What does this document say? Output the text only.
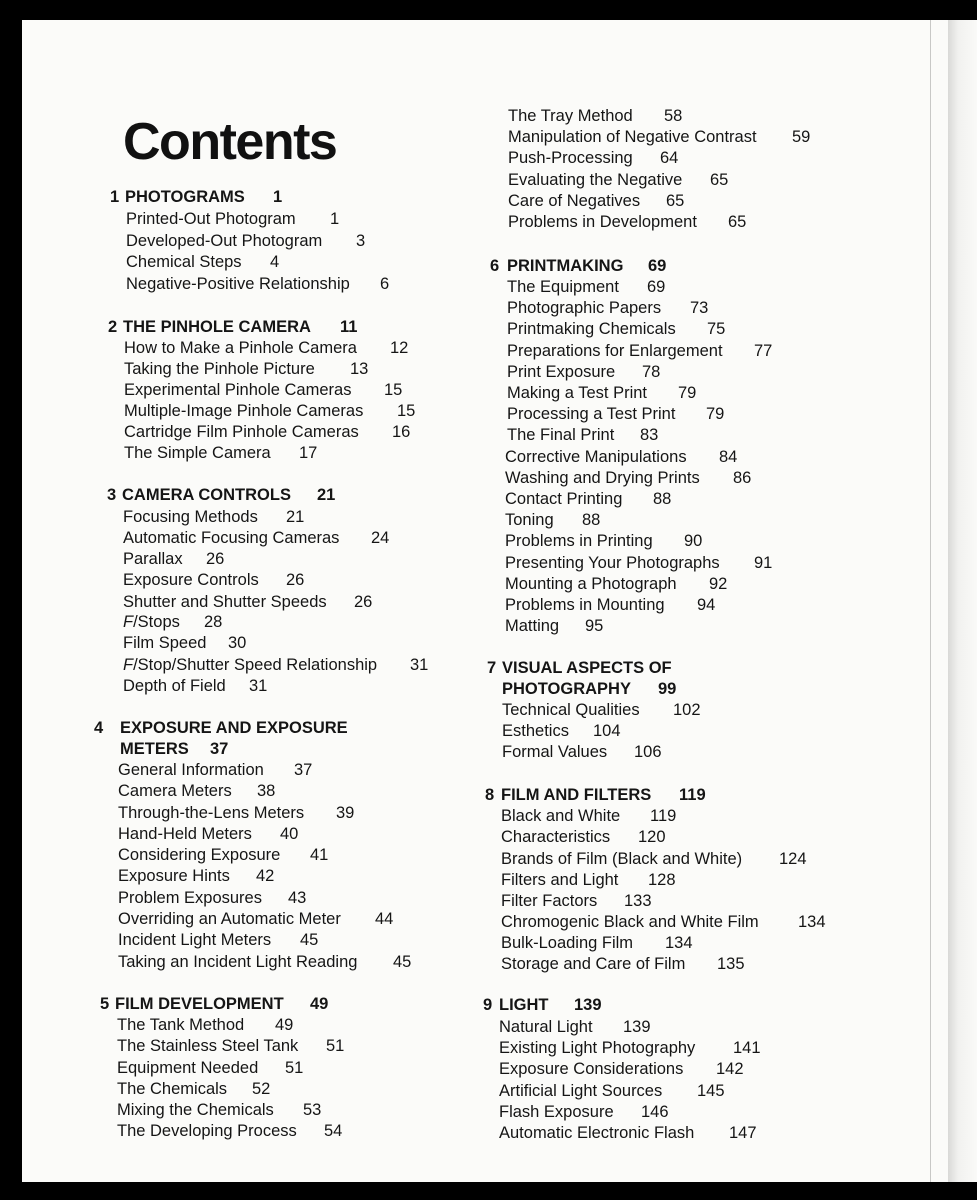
Contents	The Tray Method 58
Manipulation of Negative Contrast 59
Push-Processing 64
Evaluating the Negative 65
Care of Negatives 65
Problems in Development 65
1 PHOTOGRAMS 1
Printed-Out Photogram 1
Developed-Out Photogram 3
Chemical Steps 4
Negative-Positive Relationship 6
2 THE PINHOLE CAMERA 11
How to Make a Pinhole Camera 12
Taking the Pinhole Picture 13
Experimental Pinhole Cameras 15
Multiple-Image Pinhole Cameras 15
Cartridge Film Pinhole Cameras 16
The Simple Camera 17
3 CAMERA CONTROLS 21
Focusing Methods 21
Automatic Focusing Cameras 24
Parallax 26
Exposure Controls 26
Shutter and Shutter Speeds 26
F/Stops 28
Film Speed 30
F/Stop/Shutter Speed Relationship 31
Depth of Field 31
4 EXPOSURE AND EXPOSURE
METERS 37
General Information 37
Camera Meters 38
Through-the-Lens Meters 39
Hand-Held Meters 40
Considering Exposure 41
Exposure Hints 42
Problem Exposures 43
Overriding an Automatic Meter 44
Incident Light Meters 45
Taking an Incident Light Reading 45
5 FILM DEVELOPMENT 49
The Tank Method 49
The Stainless Steel Tank 51
Equipment Needed 51
The Chemicals 52
Mixing the Chemicals 53
The Developing Process 54
6 PRINTMAKING 69
The Equipment 69
Photographic Papers 73
Printmaking Chemicals 75
Preparations for Enlargement 77
Print Exposure 78
Making a Test Print 79
Processing a Test Print 79
The Final Print 83
Corrective Manipulations 84
Washing and Drying Prints 86
Contact Printing 88
Toning 88
Problems in Printing 90
Presenting Your Photographs 91
Mounting a Photograph 92
Problems in Mounting 94
Matting 95
7 VISUAL ASPECTS OF
PHOTOGRAPHY 99
Technical Qualities 102
Esthetics 104
Formal Values 106
8 FILM AND FILTERS 119
Black and White 119
Characteristics 120
Brands of Film (Black and White) 124
Filters and Light 128
Filter Factors 133
Chromogenic Black and White Film 134
Bulk-Loading Film 134
Storage and Care of Film 135
9 LIGHT 139
Natural Light 139
Existing Light Photography 141
Exposure Considerations 142
Artificial Light Sources 145
Flash Exposure 146
Automatic Electronic Flash 147
